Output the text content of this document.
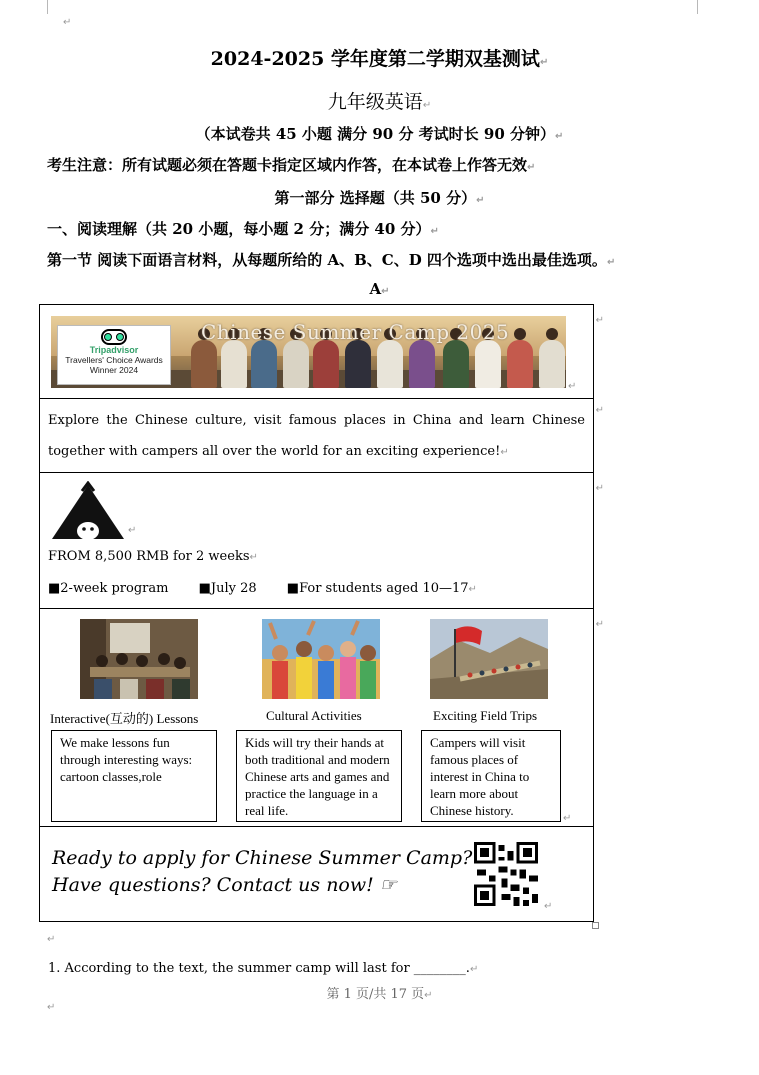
↵
2024-2025 学年度第二学期双基测试↵
九年级英语↵
（本试卷共 45 小题 满分 90 分 考试时长 90 分钟）↵
考生注意：所有试题必须在答题卡指定区域内作答，在本试卷上作答无效↵
第一部分 选择题（共 50 分）↵
一、阅读理解（共 20 小题，每小题 2 分；满分 40 分）↵
第一节 阅读下面语言材料，从每题所给的 A、B、C、D 四个选项中选出最佳选项。↵
A↵
Chinese Summer Camp 2025
Tripadvisor
Travellers' Choice Awards
Winner 2024
↵
↵
Explore the Chinese culture, visit famous places in China and learn Chinese together with campers all over the world for an exciting experience!↵
↵
↵
FROM 8,500 RMB for 2 weeks↵
■2-week program ■July 28 ■For students aged 10—17↵
↵
Interactive(互动的) Lessons
We make lessons fun through interesting ways: cartoon classes,role
Cultural Activities
Kids will try their hands at both traditional and modern Chinese arts and games and practice the language in a real life.
Exciting Field Trips
Campers will visit famous places of interest in China to learn more about Chinese history.
↵
↵
Ready to apply for Chinese Summer Camp?
Have questions? Contact us now! ☞
↵
↵
1. According to the text, the summer camp will last for ________.↵
第 1 页/共 17 页↵
↵
